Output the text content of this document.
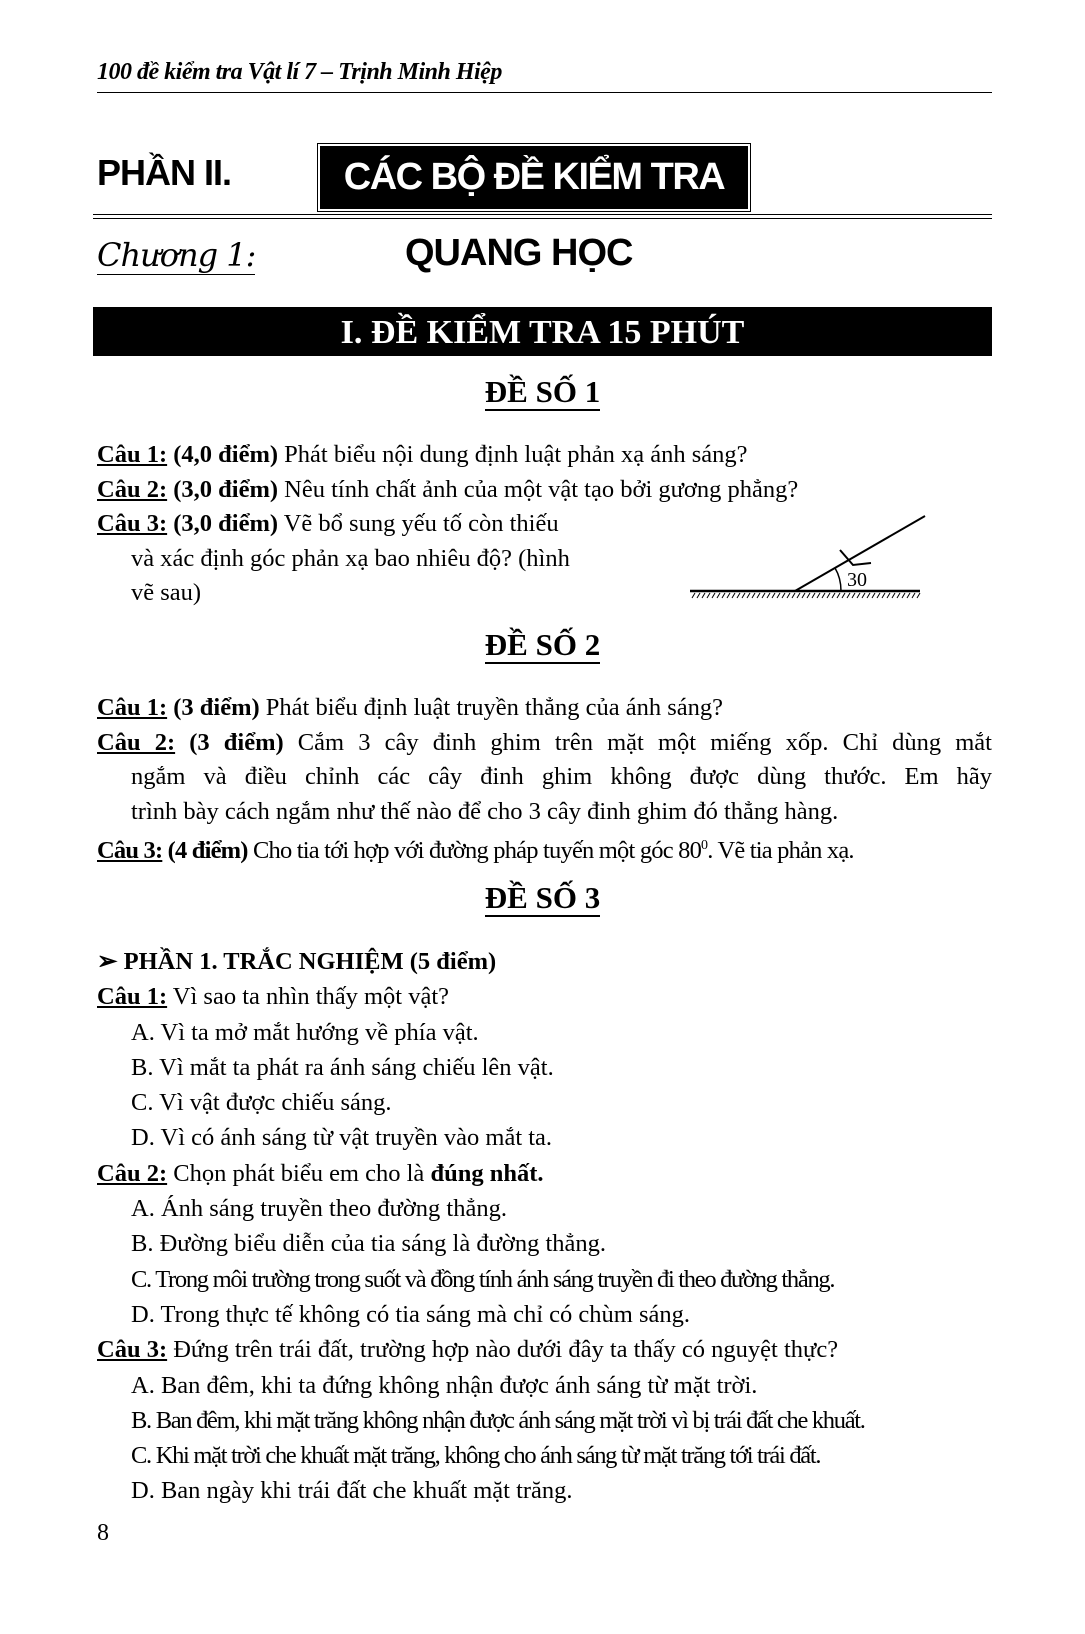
100 đề kiểm tra Vật lí 7 – Trịnh Minh Hiệp
PHẦN II.	CÁC BỘ ĐỀ KIỂM TRA
Chương 1:	QUANG HỌC
I. ĐỀ KIỂM TRA 15 PHÚT
ĐỀ SỐ 1
Câu 1: (4,0 điểm) Phát biểu nội dung định luật phản xạ ánh sáng?
Câu 2: (3,0 điểm) Nêu tính chất ảnh của một vật tạo bởi gương phẳng?
Câu 3: (3,0 điểm) Vẽ bổ sung yếu tố còn thiếu
và xác định góc phản xạ bao nhiêu độ? (hình
vẽ sau)	30
ĐỀ SỐ 2
Câu 1: (3 điểm) Phát biểu định luật truyền thẳng của ánh sáng?
Câu 2: (3 điểm) Cắm 3 cây đinh ghim trên mặt một miếng xốp. Chỉ dùng mắt
ngắm và điều chỉnh các cây đinh ghim không được dùng thước. Em hãy
trình bày cách ngắm như thế nào để cho 3 cây đinh ghim đó thẳng hàng.
Câu 3: (4 điểm) Cho tia tới hợp với đường pháp tuyến một góc $80^0$. Vẽ tia phản xạ.
ĐỀ SỐ 3
➢ PHẦN 1. TRẮC NGHIỆM (5 điểm)
Câu 1: Vì sao ta nhìn thấy một vật?
A. Vì ta mở mắt hướng về phía vật.
B. Vì mắt ta phát ra ánh sáng chiếu lên vật.
C. Vì vật được chiếu sáng.
D. Vì có ánh sáng từ vật truyền vào mắt ta.
Câu 2: Chọn phát biểu em cho là đúng nhất.
A. Ánh sáng truyền theo đường thẳng.
B. Đường biểu diễn của tia sáng là đường thẳng.
C. Trong môi trường trong suốt và đồng tính ánh sáng truyền đi theo đường thẳng.
D. Trong thực tế không có tia sáng mà chỉ có chùm sáng.
Câu 3: Đứng trên trái đất, trường hợp nào dưới đây ta thấy có nguyệt thực?
A. Ban đêm, khi ta đứng không nhận được ánh sáng từ mặt trời.
B. Ban đêm, khi mặt trăng không nhận được ánh sáng mặt trời vì bị trái đất che khuất.
C. Khi mặt trời che khuất mặt trăng, không cho ánh sáng từ mặt trăng tới trái đất.
D. Ban ngày khi trái đất che khuất mặt trăng.
8
